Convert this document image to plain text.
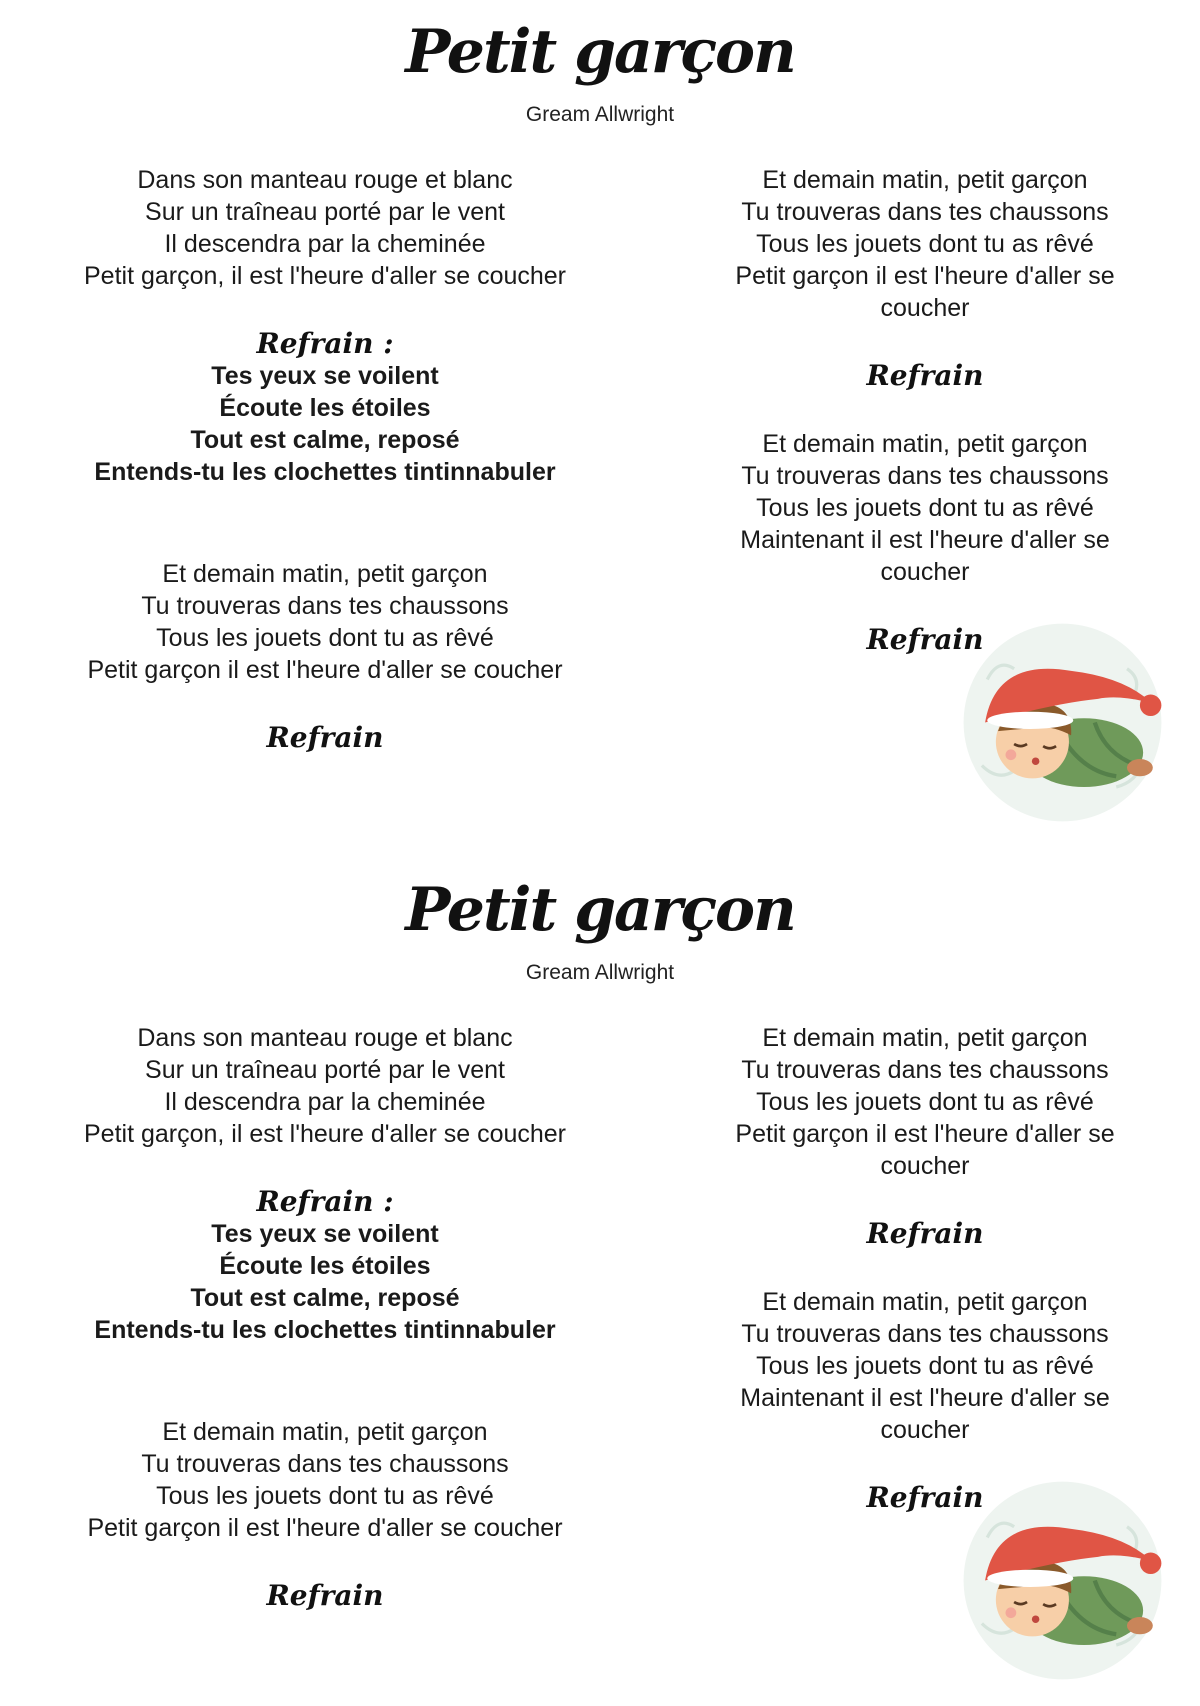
Petit garçon
Gream Allwright
Dans son manteau rouge et blanc
Sur un traîneau porté par le vent
Il descendra par la cheminée
Petit garçon, il est l'heure d'aller se coucher
Refrain :
Tes yeux se voilent
Écoute les étoiles
Tout est calme, reposé
Entends-tu les clochettes tintinnabuler
Et demain matin, petit garçon
Tu trouveras dans tes chaussons
Tous les jouets dont tu as rêvé
Petit garçon il est l'heure d'aller se coucher
Refrain
Et demain matin, petit garçon
Tu trouveras dans tes chaussons
Tous les jouets dont tu as rêvé
Petit garçon il est l'heure d'aller se
coucher
Refrain
Et demain matin, petit garçon
Tu trouveras dans tes chaussons
Tous les jouets dont tu as rêvé
Maintenant il est l'heure d'aller se
coucher
Refrain
Petit garçon
Gream Allwright
Dans son manteau rouge et blanc
Sur un traîneau porté par le vent
Il descendra par la cheminée
Petit garçon, il est l'heure d'aller se coucher
Refrain :
Tes yeux se voilent
Écoute les étoiles
Tout est calme, reposé
Entends-tu les clochettes tintinnabuler
Et demain matin, petit garçon
Tu trouveras dans tes chaussons
Tous les jouets dont tu as rêvé
Petit garçon il est l'heure d'aller se coucher
Refrain
Et demain matin, petit garçon
Tu trouveras dans tes chaussons
Tous les jouets dont tu as rêvé
Petit garçon il est l'heure d'aller se
coucher
Refrain
Et demain matin, petit garçon
Tu trouveras dans tes chaussons
Tous les jouets dont tu as rêvé
Maintenant il est l'heure d'aller se
coucher
Refrain
